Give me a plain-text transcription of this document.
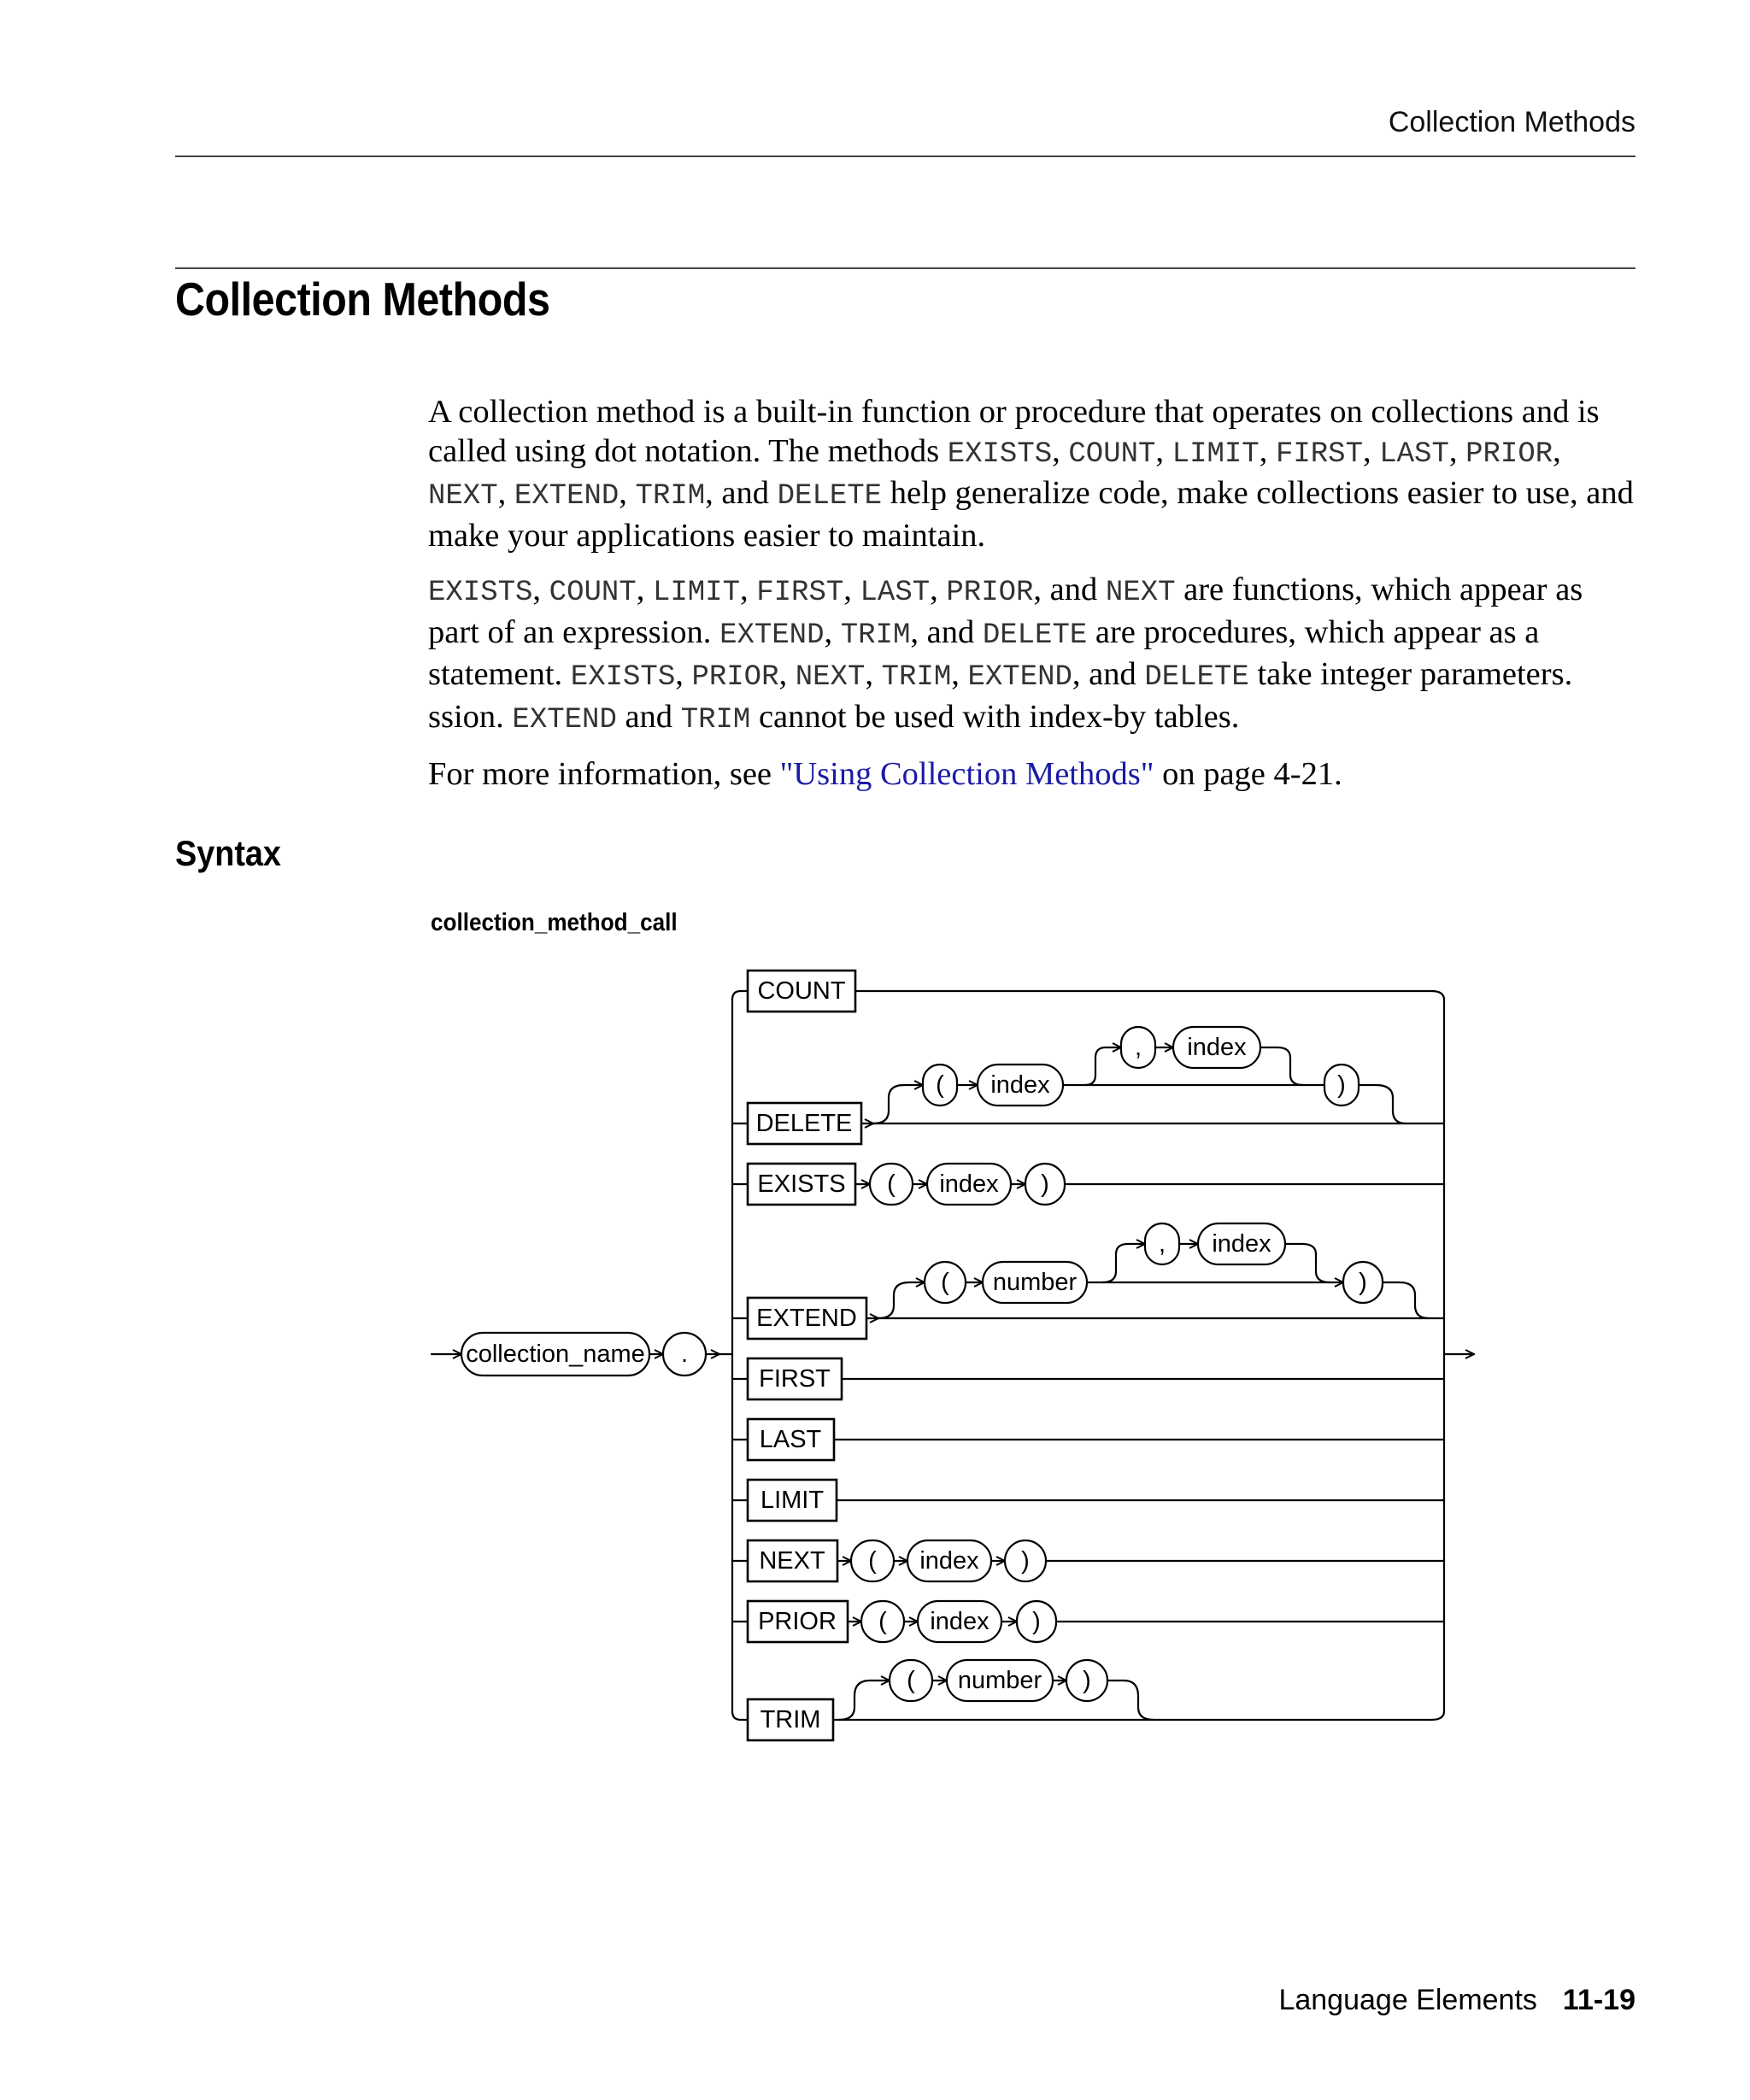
Collection Methods
Collection Methods

A collection method is a built-in function or procedure that operates on collections and is called using dot notation. The methods EXISTS, COUNT, LIMIT, FIRST, LAST, PRIOR, NEXT, EXTEND, TRIM, and DELETE help generalize code, make collections easier to use, and make your applications easier to maintain.

EXISTS, COUNT, LIMIT, FIRST, LAST, PRIOR, and NEXT are functions, which appear as part of an expression. EXTEND, TRIM, and DELETE are procedures, which appear as a statement. EXISTS, PRIOR, NEXT, TRIM, EXTEND, and DELETE take integer parameters. ssion. EXTEND and TRIM cannot be used with index-by tables.

For more information, see "Using Collection Methods" on page 4-21.

Syntax
collection_method_call
COUNT
DELETE
EXISTS
EXTEND
FIRST
LAST
LIMIT
NEXT
PRIOR
TRIM
collection_name .
( index
, index
)
( index )
( number
, index
)
( index )
( index )
( number )
Language Elements 11-19
